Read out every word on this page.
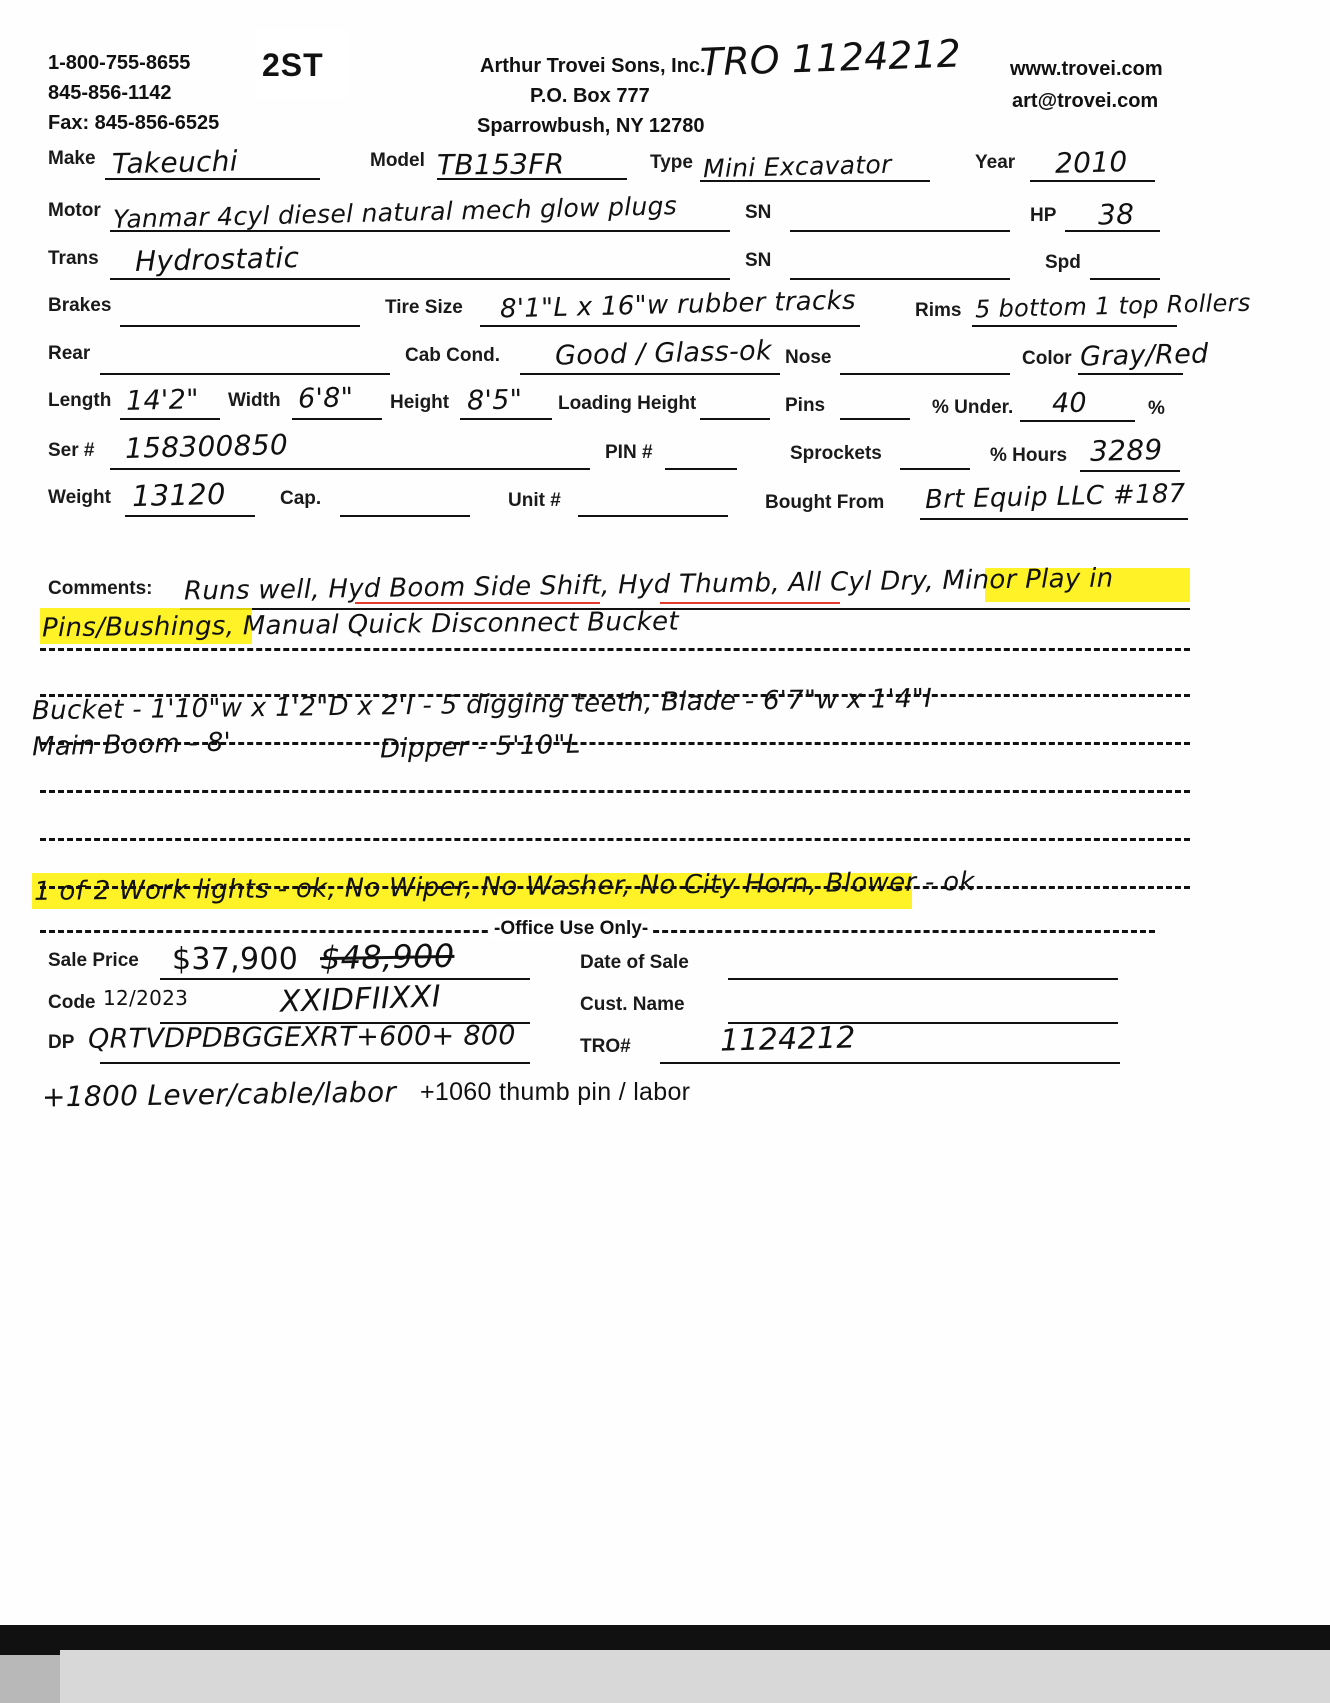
1-800-755-8655
845-856-1142
Fax: 845-856-6525
2ST	Arthur Trovei Sons, Inc.
P.O. Box 777
Sparrowbush, NY 12780
TRO 1124212 www.trovei.com
art@trovei.com
Make Takeuchi	Model TB153FR	Type Mini Excavator	Year 2010
Motor Yanmar 4cyl diesel natural mech glow plugs	SN	HP 38
Trans Hydrostatic	SN	Spd
Brakes	Tire Size 8'1"L x 16"w rubber tracks	Rims 5 bottom 1 top Rollers
Rear	Cab Cond. Good / Glass-ok Nose	Color Gray/Red
Length 14'2" Width 6'8" Height 8'5" Loading Height	Pins	% Under. 40	%
Ser # 158300850	PIN #	Sprockets	% Hours 3289
Weight 13120	Cap.	Unit #	Bought From Brt Equip LLC #187
Comments: Runs well, Hyd Boom Side Shift, Hyd Thumb, All Cyl Dry, Minor Play in
Pins/Bushings, Manual Quick Disconnect Bucket
Bucket - 1'10"w x 1'2"D x 2'I - 5 digging teeth, Blade - 6'7"w x 1'4"I
Main Boom - 8'	Dipper - 5'10"L
1 of 2 Work lights - ok, No Wiper, No Washer, No City Horn, Blower - ok
-Office Use Only-
Sale Price $37,900 $48,900	Date of Sale
Code 12/2023	XXIDFIIXXI	Cust. Name
DP QRTVDPDBGGEXRT+600+ 800	TRO#	1124212
+1800 Lever/cable/labor +1060 thumb pin / labor
